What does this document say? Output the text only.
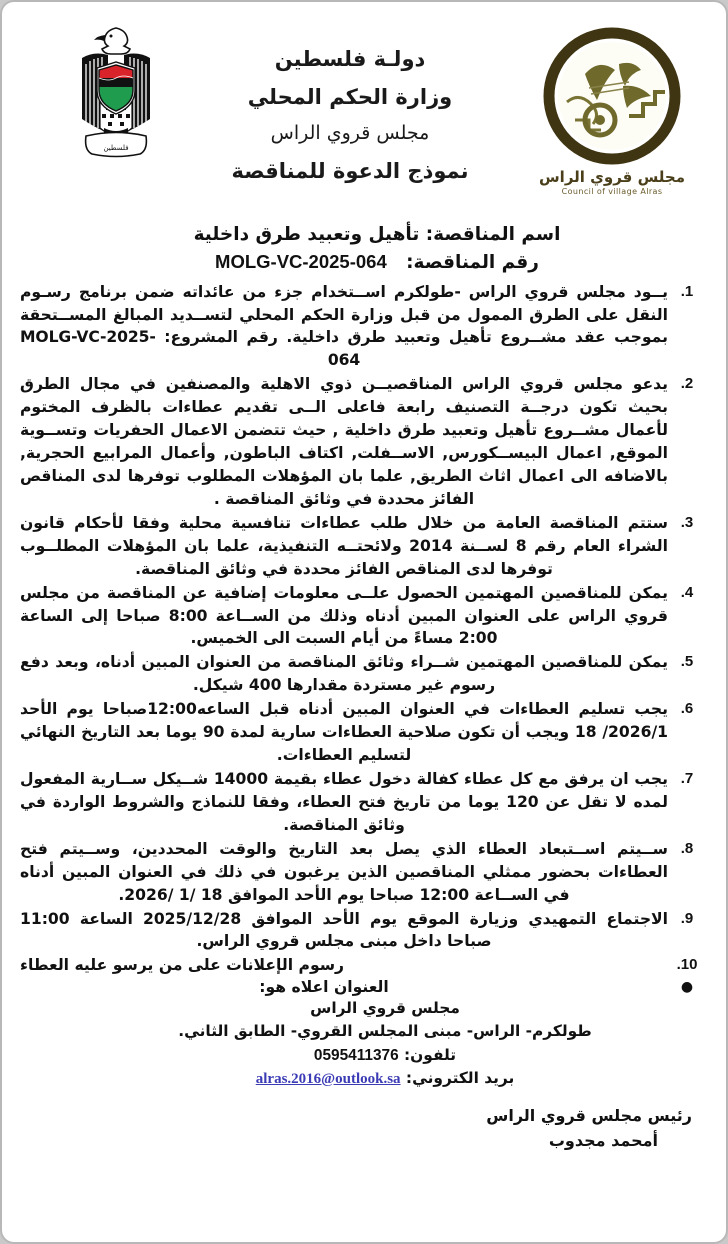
مجلس قروي الراس
Council of village Alras
دولـة فلسطين
وزارة الحكم المحلي
مجلس قروي الراس
نموذج الدعوة للمناقصة
فلسطين
اسم المناقصة: تأهيل وتعبيد طرق داخلية
رقم المناقصة:   MOLG-VC-2025-064
1.
يــود مجلس قروي الراس -طولكرم اســتخدام جزء من عائداته ضمن برنامج رسـوم النقل على الطرق الممول من قبل وزارة الحكم المحلي لتســديد المبالغ المســتحقة بموجب عقد مشــروع تأهيل وتعبيد طرق داخلية. رقم المشروع: MOLG-VC-2025-064
2.
يدعو مجلس قروي الراس المناقصيــن ذوي الاهلية والمصنفين في مجال الطرق بحيث تكون درجــة التصنيف رابعة فاعلى الــى تقديم عطاءات بالظرف المختوم لأعمال مشــروع تأهيل وتعبيد طرق داخلية , حيث تتضمن الاعمال الحفريات وتســوية الموقع, اعمال البيســكورس, الاســفلت, اكتاف الباطون, وأعمال المرابيع الحجرية, بالاضافه الى اعمال اثاث الطريق, علما بان المؤهلات المطلوب توفرها لدى المناقص الفائز محددة في وثائق المناقصة .
3.
ستتم المناقصة العامة من خلال طلب عطاءات تنافسية محلية وفقا لأحكام قانون الشراء العام رقم 8 لســنة 2014 ولائحتــه التنفيذية، علما بان المؤهلات المطلــوب توفرها لدى المناقص الفائز محددة في وثائق المناقصة.
4.
يمكن للمناقصين المهتمين الحصول علــى معلومات إضافية عن المناقصة من مجلس قروي الراس على العنوان المبين أدناه وذلك من الســاعة 8:00 صباحا إلى الساعة 2:00 مساءً من أيام السبت الى الخميس.
5.
يمكن للمناقصين المهتمين شــراء وثائق المناقصة من العنوان المبين أدناه، وبعد دفع رسوم غير مستردة مقدارها 400 شيكل.
6.
يجب تسليم العطاءات في العنوان المبين أدناه قبل الساعه12:00صباحا يوم الأحد 2026/1/ 18 ويجب أن تكون صلاحية العطاءات سارية لمدة 90 يوما بعد التاريخ النهائي لتسليم العطاءات.
7.
يجب ان يرفق مع كل عطاء كفالة دخول عطاء بقيمة 14000 شــيكل ســارية المفعول لمده لا تقل عن 120 يوما من تاريخ فتح العطاء، وفقا للنماذج والشروط الواردة في وثائق المناقصة.
8.
ســيتم اســتبعاد العطاء الذي يصل بعد التاريخ والوقت المحددين، وســيتم فتح العطاءات بحضور ممثلي المناقصين الذين يرغبون في ذلك في العنوان المبين أدناه في الســاعة 12:00 صباحا يوم الأحد الموافق 18 /1 /2026.
9.
الاجتماع التمهيدي وزيارة الموقع يوم الأحد الموافق 2025/12/28 الساعة 11:00 صباحا داخل مبنى مجلس قروي الراس.
10.
رسوم الإعلانات على من يرسو عليه العطاء
●
العنوان اعلاه هو:
مجلس قروي الراس
طولكرم- الراس- مبنى المجلس القروي- الطابق الثاني.
تلفون: 0595411376
بريد الكتروني: alras.2016@outlook.sa
رئيس مجلس قروي الراس
أمحمد مجدوب
